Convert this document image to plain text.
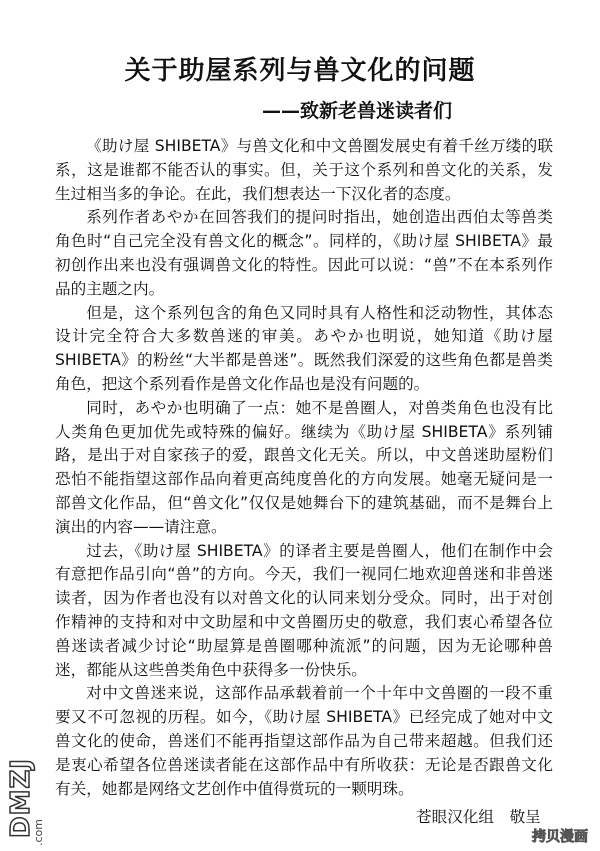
关于助屋系列与兽文化的问题
——致新老兽迷读者们

《助け屋 SHIBETA》与兽文化和中文兽圈发展史有着千丝万缕的联系，这是谁都不能否认的事实。但，关于这个系列和兽文化的关系，发生过相当多的争论。在此，我们想表达一下汉化者的态度。

系列作者あやか在回答我们的提问时指出，她创造出西伯太等兽类角色时“自己完全没有兽文化的概念”。同样的，《助け屋 SHIBETA》最初创作出来也没有强调兽文化的特性。因此可以说：“兽”不在本系列作品的主题之内。

但是，这个系列包含的角色又同时具有人格性和泛动物性，其体态设计完全符合大多数兽迷的审美。あやか也明说，她知道《助け屋 SHIBETA》的粉丝“大半都是兽迷”。既然我们深爱的这些角色都是兽类角色，把这个系列看作是兽文化作品也是没有问题的。

同时，あやか也明确了一点：她不是兽圈人，对兽类角色也没有比人类角色更加优先或特殊的偏好。继续为《助け屋 SHIBETA》系列铺路，是出于对自家孩子的爱，跟兽文化无关。所以，中文兽迷助屋粉们恐怕不能指望这部作品向着更高纯度兽化的方向发展。她毫无疑问是一部兽文化作品，但“兽文化”仅仅是她舞台下的建筑基础，而不是舞台上演出的内容——请注意。

过去，《助け屋 SHIBETA》的译者主要是兽圈人，他们在制作中会有意把作品引向“兽”的方向。今天，我们一视同仁地欢迎兽迷和非兽迷读者，因为作者也没有以对兽文化的认同来划分受众。同时，出于对创作精神的支持和对中文助屋和中文兽圈历史的敬意，我们衷心希望各位兽迷读者减少讨论“助屋算是兽圈哪种流派”的问题，因为无论哪种兽迷，都能从这些兽类角色中获得多一份快乐。

对中文兽迷来说，这部作品承载着前一个十年中文兽圈的一段不重要又不可忽视的历程。如今，《助け屋 SHIBETA》已经完成了她对中文兽文化的使命，兽迷们不能再指望这部作品为自己带来超越。但我们还是衷心希望各位兽迷读者能在这部作品中有所收获：无论是否跟兽文化有关，她都是网络文艺创作中值得赏玩的一颗明珠。

苍眼汉化组　敬呈
DMZJ
.com	拷贝漫画
